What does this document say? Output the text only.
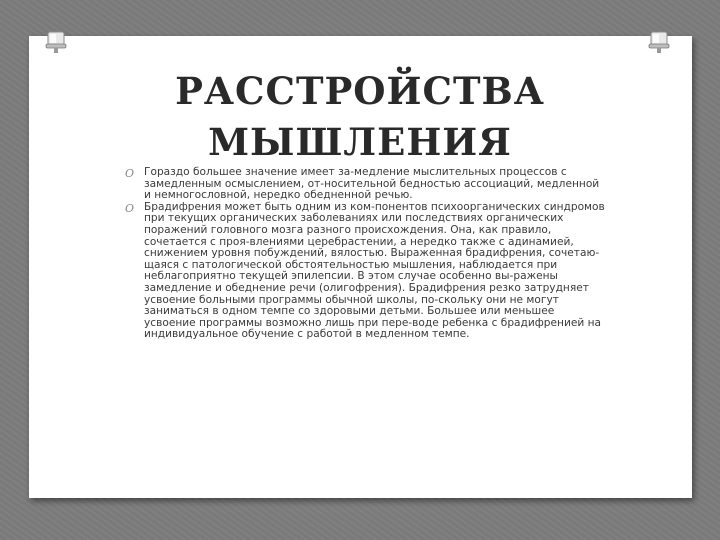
РАССТРОЙСТВА
МЫШЛЕНИЯ
O Гораздо большее значение имеет за-медление мыслительных процессов с замедленным осмыслением, от-носительной бедностью ассоциаций, медленной и немногословной, нередко обедненной речью.
O Брадифрения может быть одним из ком-понентов психоорганических синдромов при текущих органических заболеваниях или последствиях органических поражений головного мозга разного происхождения. Она, как правило, сочетается с проя-влениями церебрастении, а нередко также с адинамией, снижением уровня побуждений, вялостью. Выраженная брадифрения, сочетаю-щаяся с патологической обстоятельностью мышления, наблюдается при неблагоприятно текущей эпилепсии. В этом случае особенно вы-ражены замедление и обеднение речи (олигофрения). Брадифрения резко затрудняет усвоение больными программы обычной школы, по-скольку они не могут заниматься в одном темпе со здоровыми детьми. Большее или меньшее усвоение программы возможно лишь при пере-воде ребенка с брадифренией на индивидуальное обучение с работой в медленном темпе.
